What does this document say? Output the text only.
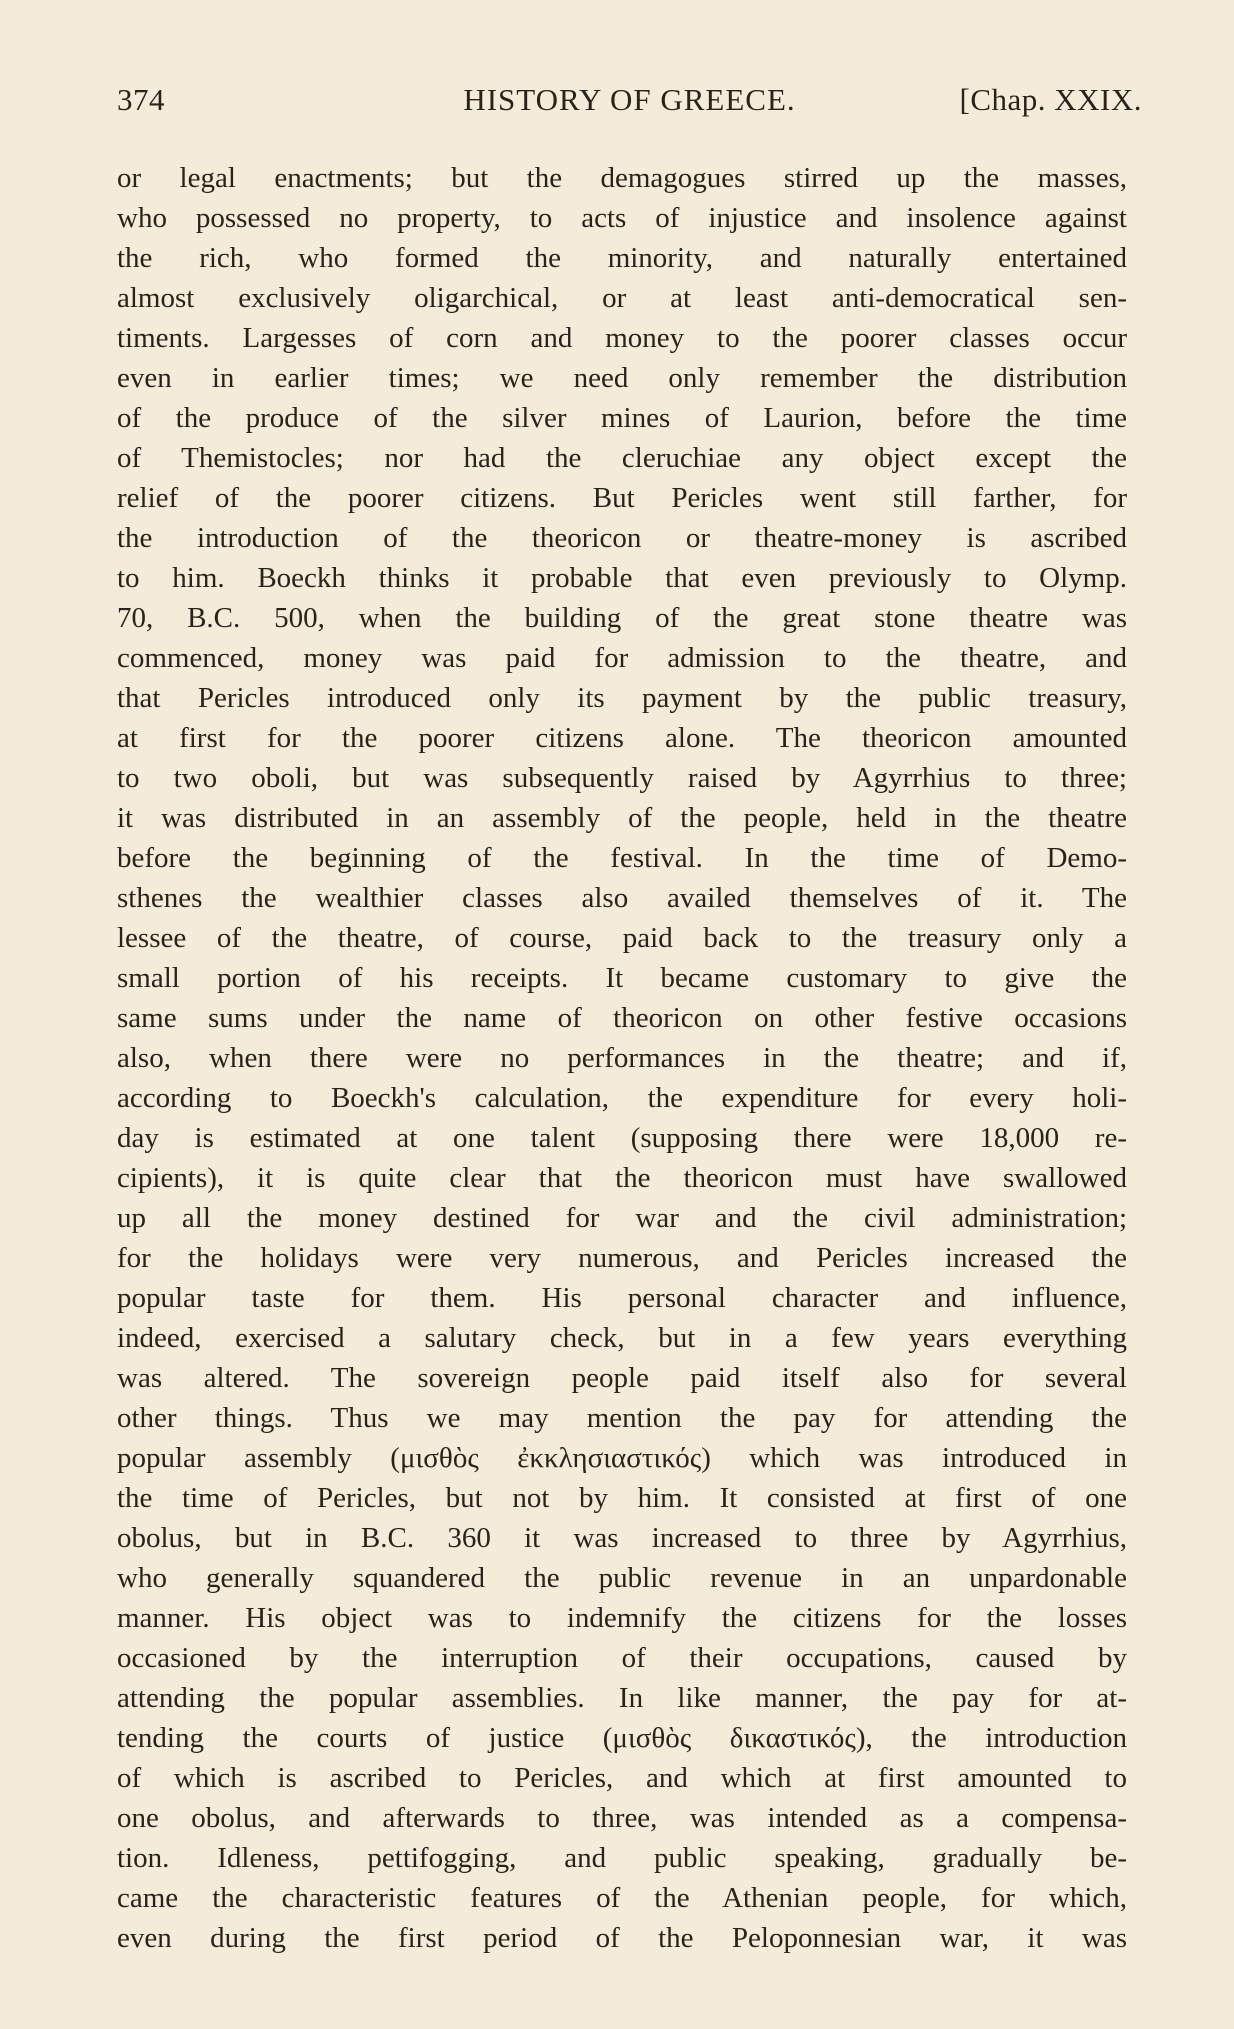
374	HISTORY OF GREECE.	[Chap. XXIX.
or legal enactments; but the demagogues stirred up the masses,
who possessed no property, to acts of injustice and insolence against
the rich, who formed the minority, and naturally entertained
almost exclusively oligarchical, or at least anti-democratical sen-
timents. Largesses of corn and money to the poorer classes occur
even in earlier times; we need only remember the distribution
of the produce of the silver mines of Laurion, before the time
of Themistocles; nor had the cleruchiae any object except the
relief of the poorer citizens. But Pericles went still farther, for
the introduction of the theoricon or theatre-money is ascribed
to him. Boeckh thinks it probable that even previously to Olymp.
70, B.C. 500, when the building of the great stone theatre was
commenced, money was paid for admission to the theatre, and
that Pericles introduced only its payment by the public treasury,
at first for the poorer citizens alone. The theoricon amounted
to two oboli, but was subsequently raised by Agyrrhius to three;
it was distributed in an assembly of the people, held in the theatre
before the beginning of the festival. In the time of Demo-
sthenes the wealthier classes also availed themselves of it. The
lessee of the theatre, of course, paid back to the treasury only a
small portion of his receipts. It became customary to give the
same sums under the name of theoricon on other festive occasions
also, when there were no performances in the theatre; and if,
according to Boeckh's calculation, the expenditure for every holi-
day is estimated at one talent (supposing there were 18,000 re-
cipients), it is quite clear that the theoricon must have swallowed
up all the money destined for war and the civil administration;
for the holidays were very numerous, and Pericles increased the
popular taste for them. His personal character and influence,
indeed, exercised a salutary check, but in a few years everything
was altered. The sovereign people paid itself also for several
other things. Thus we may mention the pay for attending the
popular assembly (μισθὸς ἐκκλησιαστικός) which was introduced in
the time of Pericles, but not by him. It consisted at first of one
obolus, but in B.C. 360 it was increased to three by Agyrrhius,
who generally squandered the public revenue in an unpardonable
manner. His object was to indemnify the citizens for the losses
occasioned by the interruption of their occupations, caused by
attending the popular assemblies. In like manner, the pay for at-
tending the courts of justice (μισθὸς δικαστικός), the introduction
of which is ascribed to Pericles, and which at first amounted to
one obolus, and afterwards to three, was intended as a compensa-
tion. Idleness, pettifogging, and public speaking, gradually be-
came the characteristic features of the Athenian people, for which,
even during the first period of the Peloponnesian war, it was
